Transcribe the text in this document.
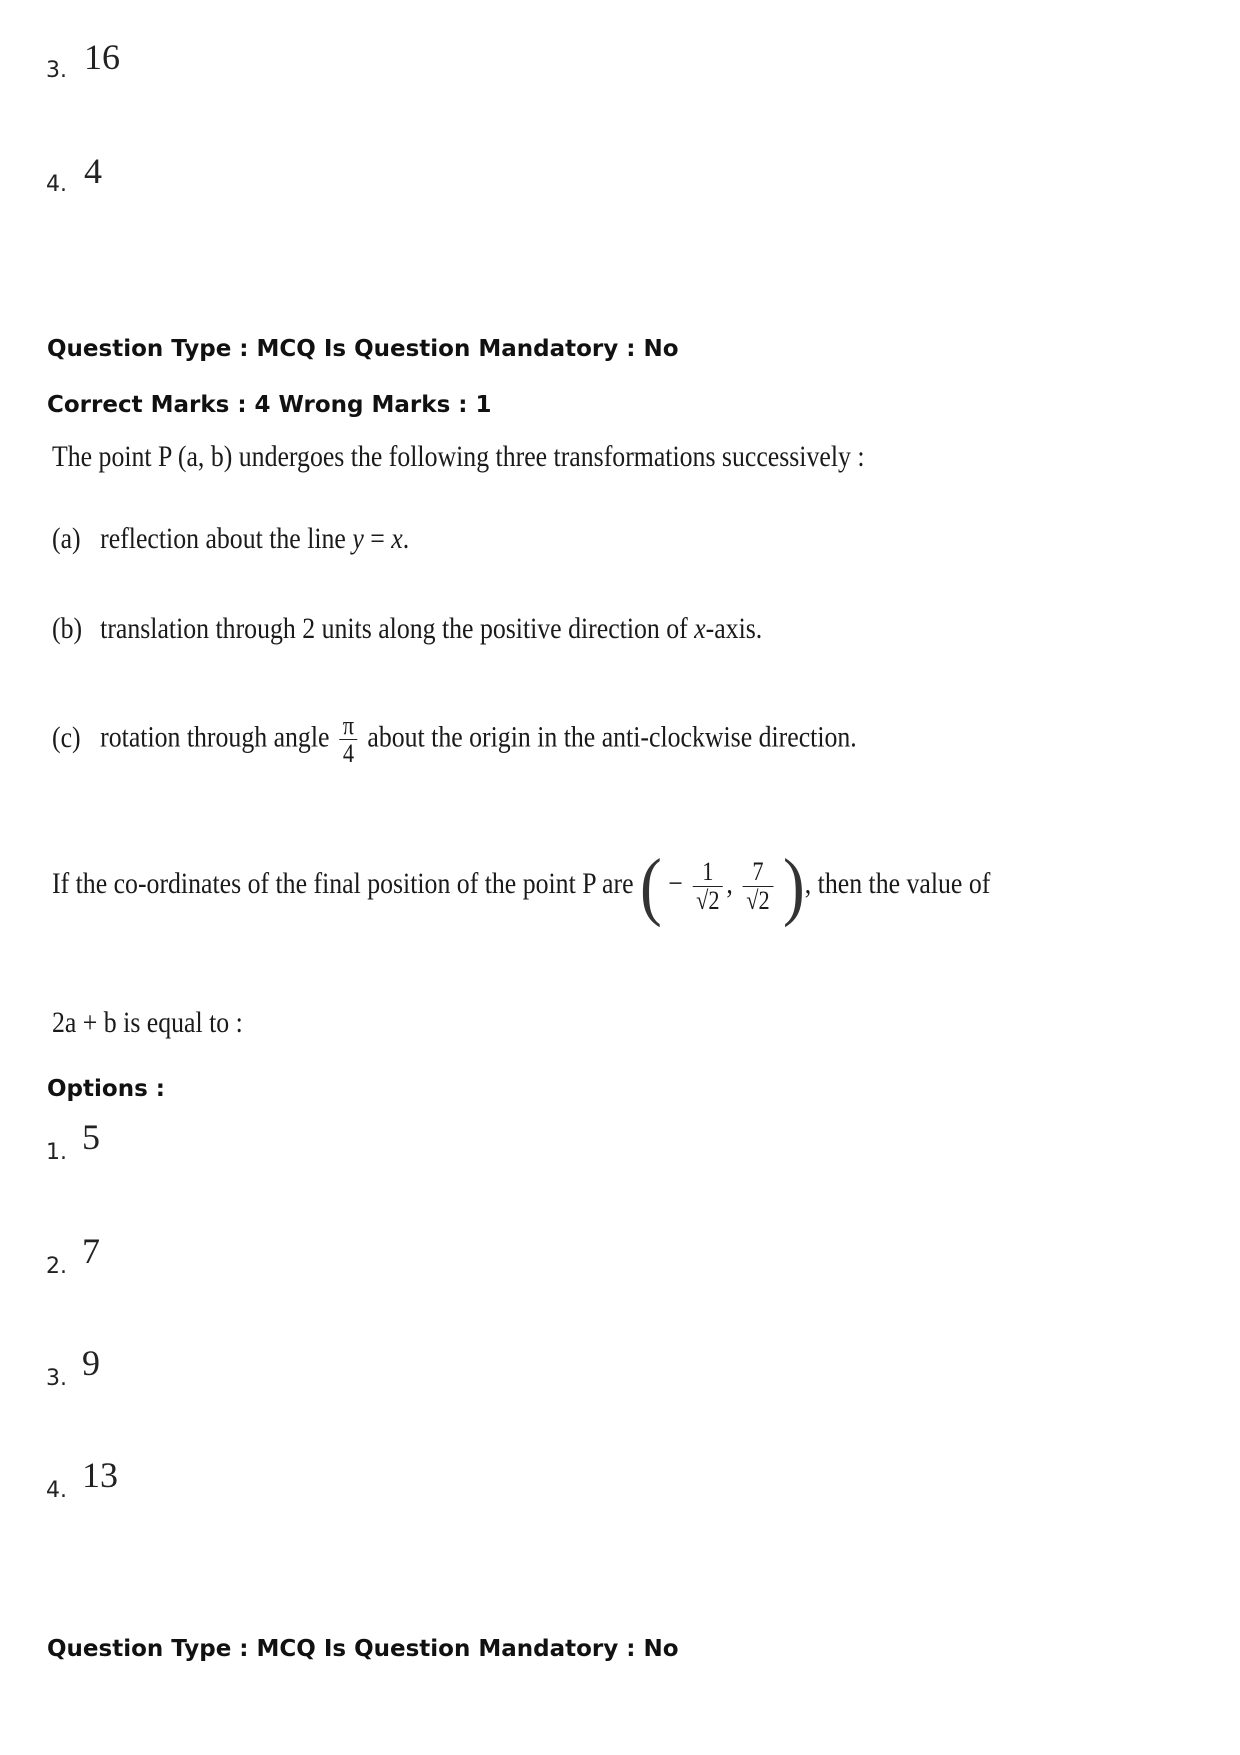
3. 16
4. 4
Question Type : MCQ Is Question Mandatory : No
Correct Marks : 4 Wrong Marks : 1
The point P (a, b) undergoes the following three transformations successively :
(a) reflection about the line y = x.
(b) translation through 2 units along the positive direction of x-axis.
(c) rotation through angle $\frac{\pi}{4}$ about the origin in the anti-clockwise direction.
If the co-ordinates of the final position of the point P are ( − $\frac{1}{√2}$ , $\frac{7}{√2}$ ), then the value of
2a + b is equal to :
Options :
1. 5
2. 7
3. 9
4. 13
Question Type : MCQ Is Question Mandatory : No
